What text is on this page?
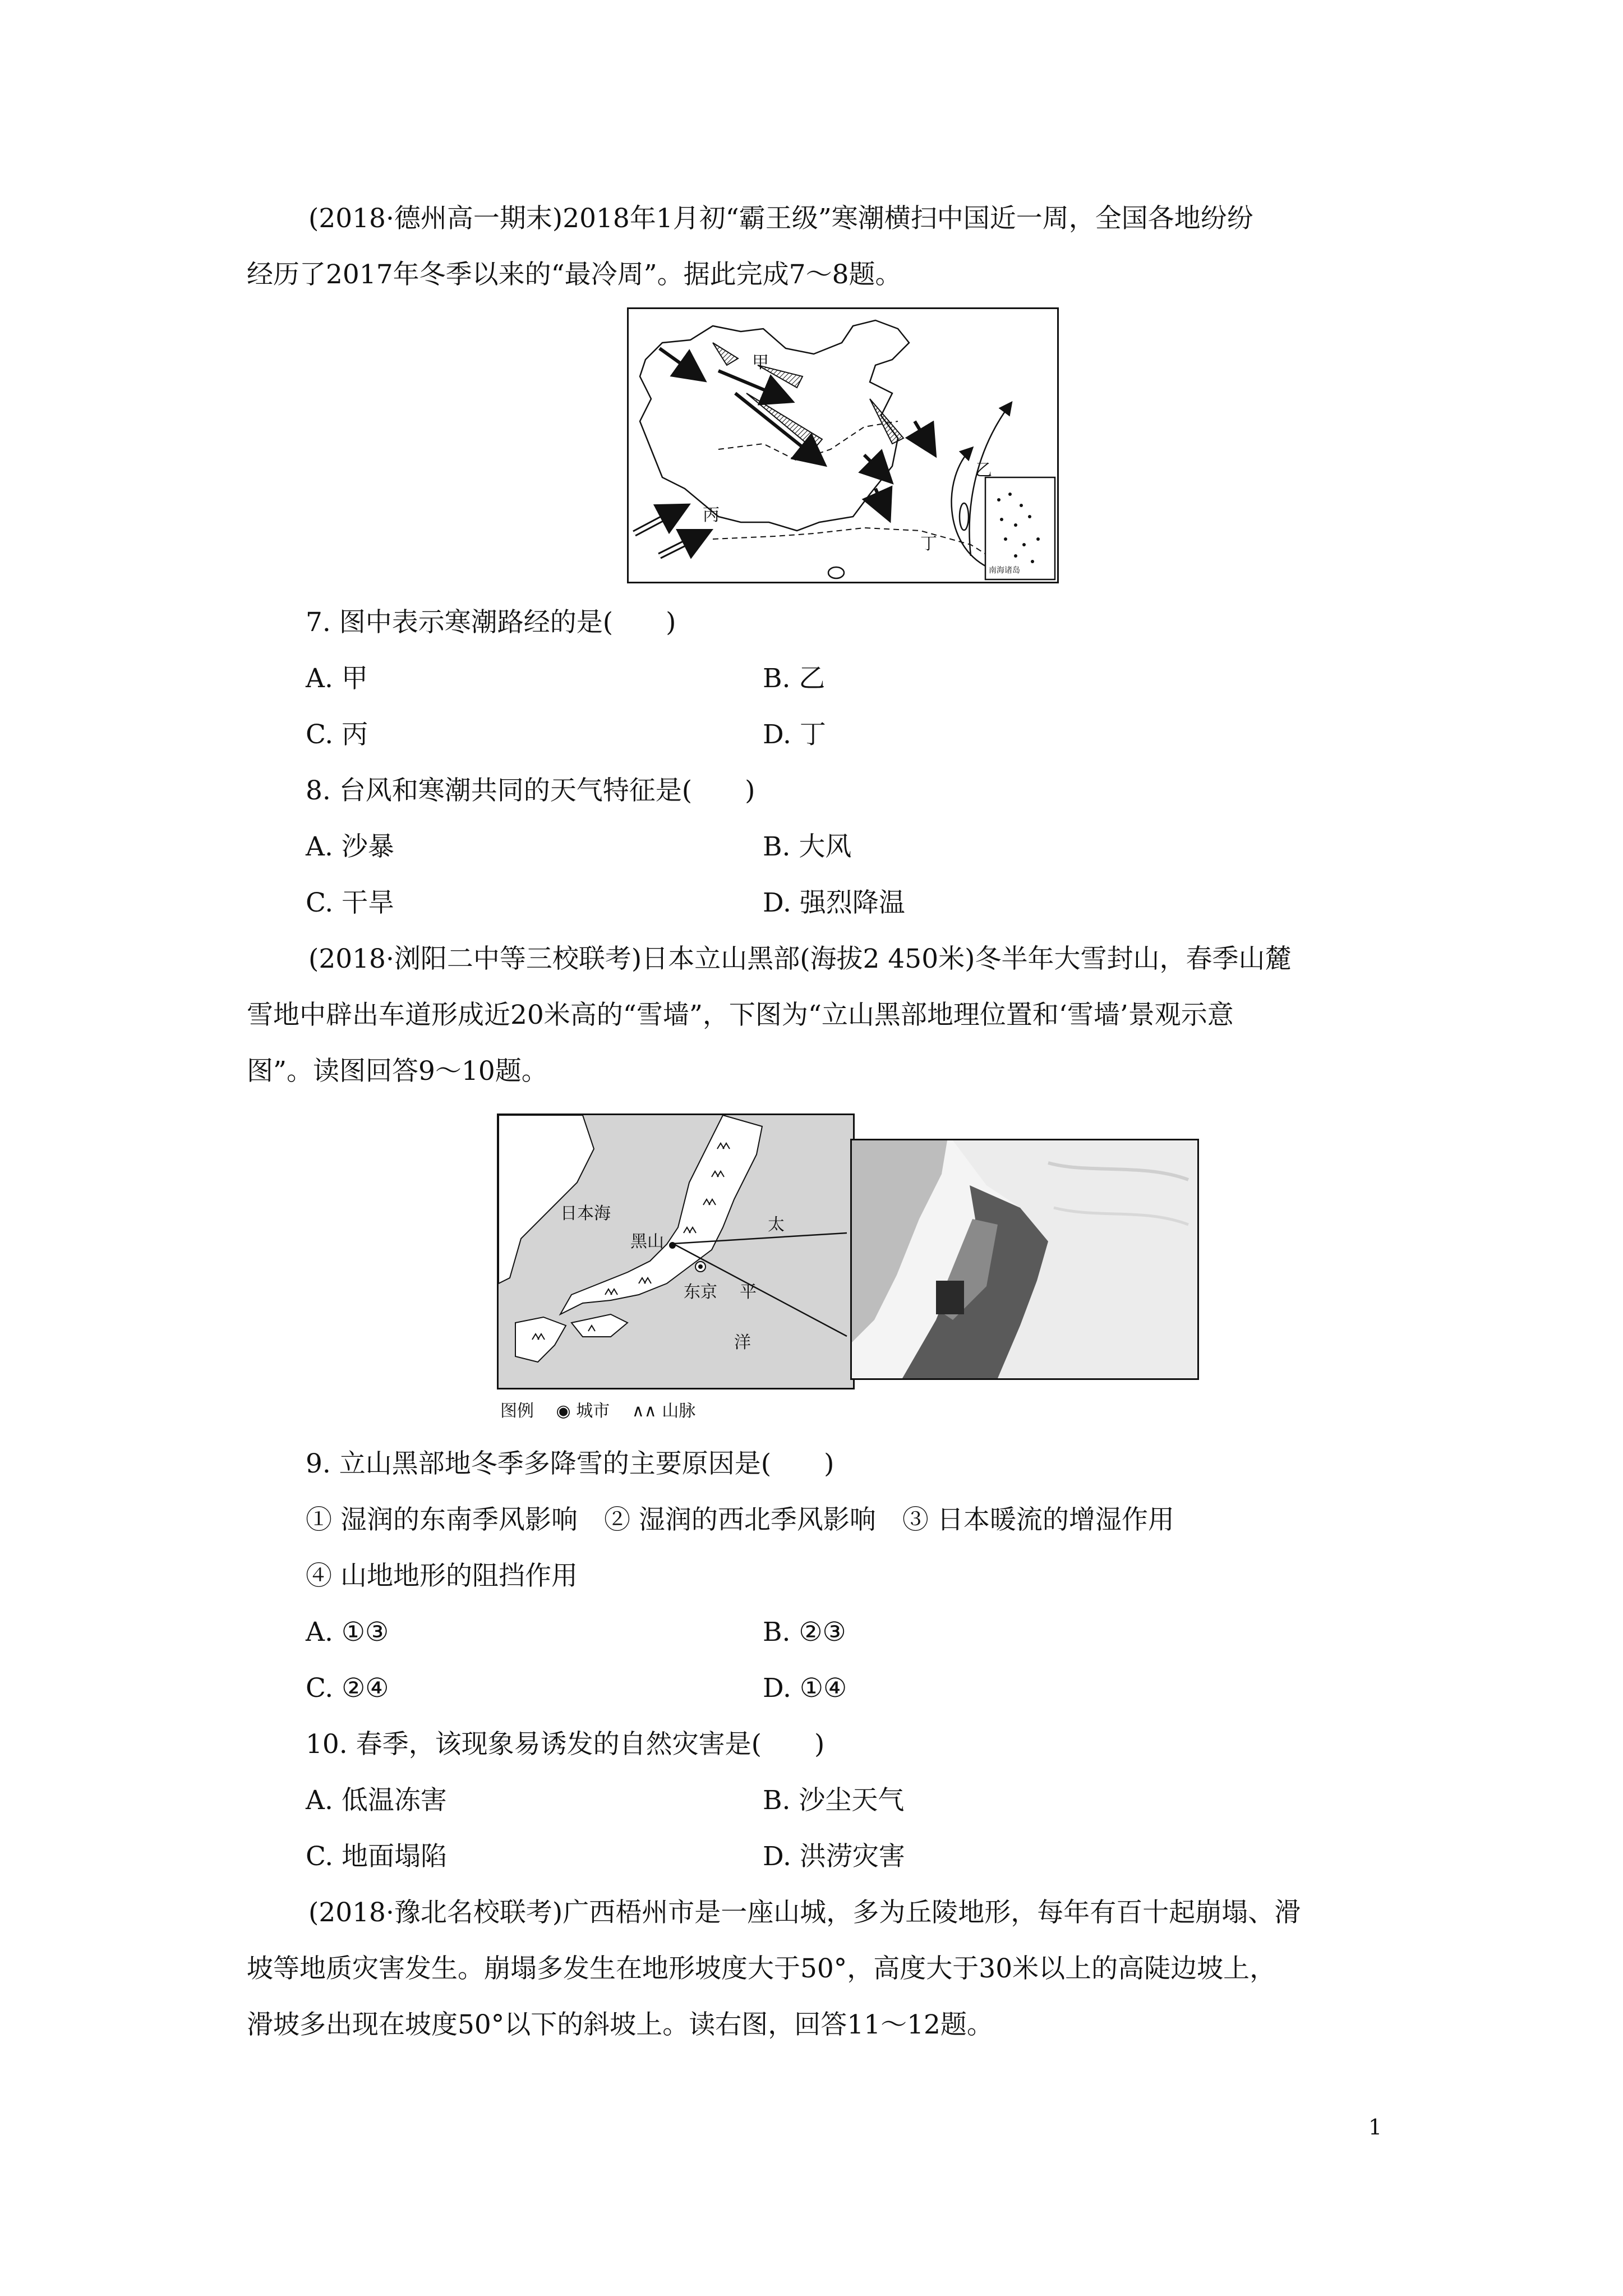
(2018·德州高一期末)2018年1月初“霸王级”寒潮横扫中国近一周，全国各地纷纷
经历了2017年冬季以来的“最冷周”。据此完成7～8题。
甲
乙
丙
丁
南海诸岛
7. 图中表示寒潮路经的是(　　)
A. 甲	B. 乙
C. 丙	D. 丁
8. 台风和寒潮共同的天气特征是(　　)
A. 沙暴	B. 大风
C. 干旱	D. 强烈降温
(2018·浏阳二中等三校联考)日本立山黑部(海拔2 450米)冬半年大雪封山，春季山麓
雪地中辟出车道形成近20米高的“雪墙”，下图为“立山黑部地理位置和‘雪墙’景观示意
图”。读图回答9～10题。
日本海
黑山
东京
太
平
洋
图例 ◉ 城市 ∧∧ 山脉
9. 立山黑部地冬季多降雪的主要原因是(　　)
① 湿润的东南季风影响　② 湿润的西北季风影响　③ 日本暖流的增湿作用
④ 山地地形的阻挡作用
A. ①③	B. ②③
C. ②④	D. ①④
10. 春季，该现象易诱发的自然灾害是(　　)
A. 低温冻害	B. 沙尘天气
C. 地面塌陷	D. 洪涝灾害
(2018·豫北名校联考)广西梧州市是一座山城，多为丘陵地形，每年有百十起崩塌、滑
坡等地质灾害发生。崩塌多发生在地形坡度大于50°，高度大于30米以上的高陡边坡上，
滑坡多出现在坡度50°以下的斜坡上。读右图，回答11～12题。
1
